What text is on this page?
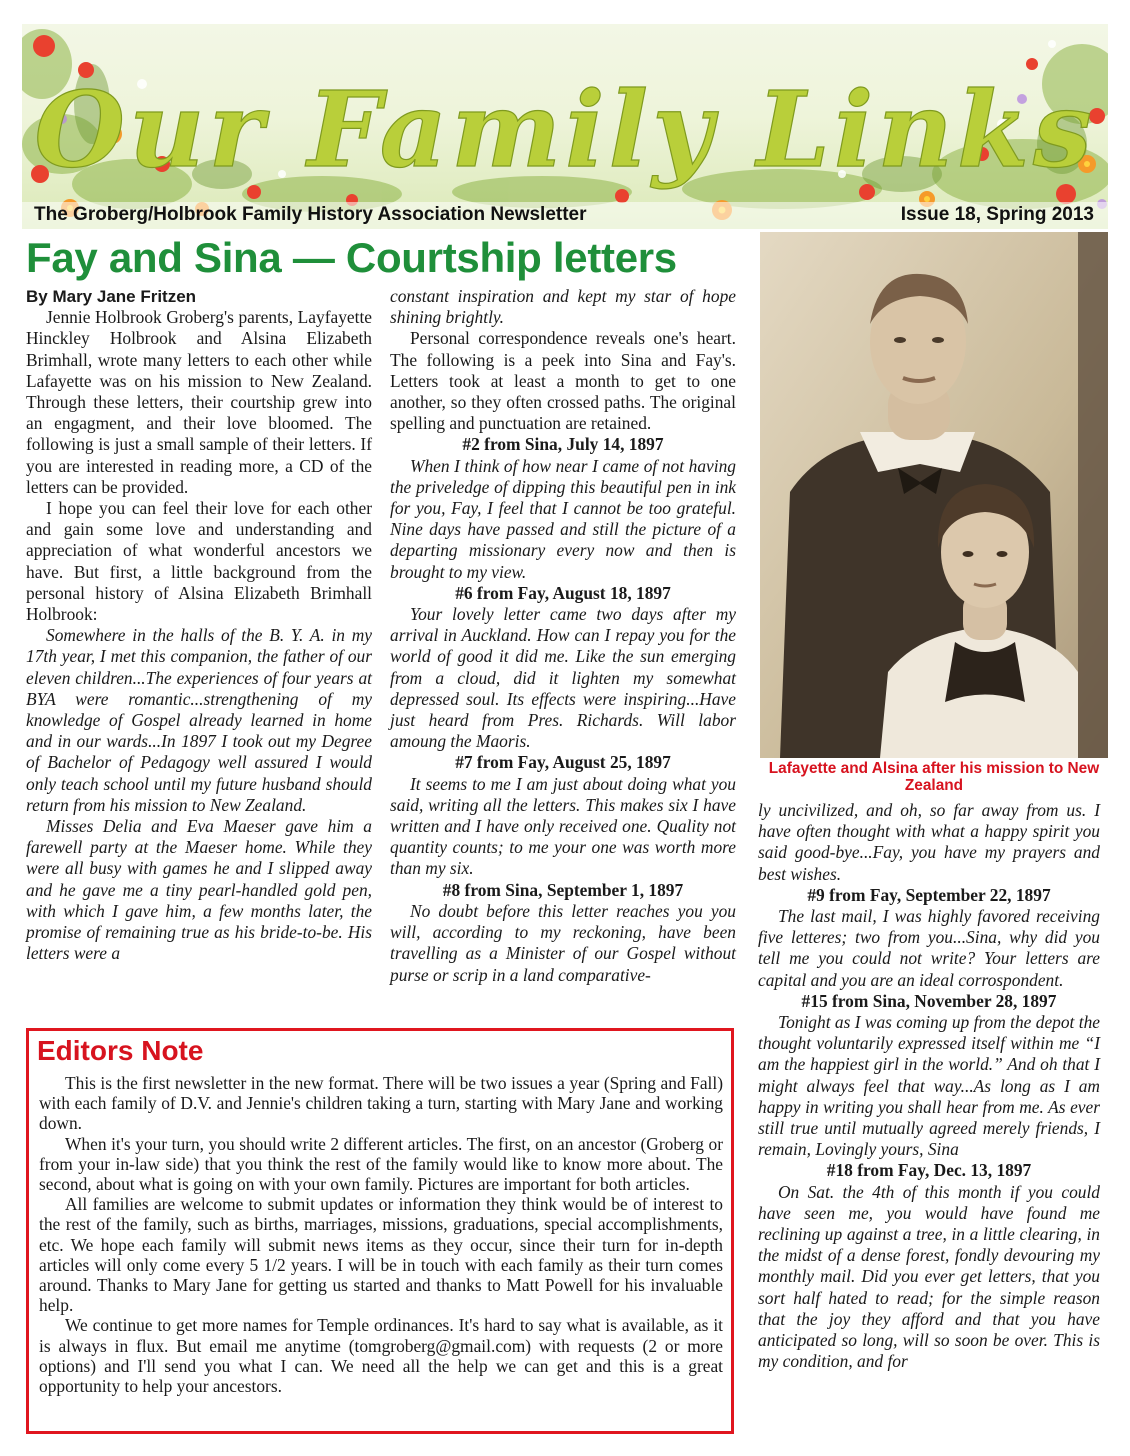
Our Family Links
The Groberg/Holbrook Family History Association Newsletter	Issue 18, Spring 2013
Fay and Sina — Courtship letters

By Mary Jane Fritzen

Jennie Holbrook Groberg's parents, Layfayette Hinckley Holbrook and Alsina Elizabeth Brimhall, wrote many letters to each other while Lafayette was on his mission to New Zealand. Through these letters, their courtship grew into an engagment, and their love bloomed. The following is just a small sample of their letters. If you are interested in reading more, a CD of the letters can be provided.

I hope you can feel their love for each other and gain some love and understanding and appreciation of what wonderful ancestors we have. But first, a little background from the personal history of Alsina Elizabeth Brimhall Holbrook:

Somewhere in the halls of the B. Y. A. in my 17th year, I met this companion, the father of our eleven children...The experiences of four years at BYA were romantic...strengthening of my knowledge of Gospel already learned in home and in our wards...In 1897 I took out my Degree of Bachelor of Pedagogy well assured I would only teach school until my future husband should return from his mission to New Zealand.

Misses Delia and Eva Maeser gave him a farewell party at the Maeser home. While they were all busy with games he and I slipped away and he gave me a tiny pearl-handled gold pen, with which I gave him, a few months later, the promise of remaining true as his bride-to-be. His letters were a

constant inspiration and kept my star of hope shining brightly.

Personal correspondence reveals one's heart. The following is a peek into Sina and Fay's. Letters took at least a month to get to one another, so they often crossed paths. The original spelling and punctuation are retained.

#2 from Sina, July 14, 1897

When I think of how near I came of not having the priveledge of dipping this beautiful pen in ink for you, Fay, I feel that I cannot be too grateful. Nine days have passed and still the picture of a departing missionary every now and then is brought to my view.

#6 from Fay, August 18, 1897

Your lovely letter came two days after my arrival in Auckland. How can I repay you for the world of good it did me. Like the sun emerging from a cloud, did it lighten my somewhat depressed soul. Its effects were inspiring...Have just heard from Pres. Richards. Will labor amoung the Maoris.

#7 from Fay, August 25, 1897

It seems to me I am just about doing what you said, writing all the letters. This makes six I have written and I have only received one. Quality not quantity counts; to me your one was worth more than my six.

#8 from Sina, September 1, 1897

No doubt before this letter reaches you you will, according to my reckoning, have been travelling as a Minister of our Gospel without purse or scrip in a land comparative-

Lafayette and Alsina after his mission to New Zealand

ly uncivilized, and oh, so far away from us. I have often thought with what a happy spirit you said good-bye...Fay, you have my prayers and best wishes.

#9 from Fay, September 22, 1897

The last mail, I was highly favored receiving five letteres; two from you...Sina, why did you tell me you could not write? Your letters are capital and you are an ideal corrospondent.

#15 from Sina, November 28, 1897

Tonight as I was coming up from the depot the thought voluntarily expressed itself within me “I am the happiest girl in the world.” And oh that I might always feel that way...As long as I am happy in writing you shall hear from me. As ever still true until mutually agreed merely friends, I remain, Lovingly yours, Sina

#18 from Fay, Dec. 13, 1897

On Sat. the 4th of this month if you could have seen me, you would have found me reclining up against a tree, in a little clearing, in the midst of a dense forest, fondly devouring my monthly mail. Did you ever get letters, that you sort half hated to read; for the simple reason that the joy they afford and that you have anticipated so long, will so soon be over. This is my condition, and for

Editors Note

This is the first newsletter in the new format. There will be two issues a year (Spring and Fall) with each family of D.V. and Jennie's children taking a turn, starting with Mary Jane and working down.

When it's your turn, you should write 2 different articles. The first, on an ancestor (Groberg or from your in-law side) that you think the rest of the family would like to know more about. The second, about what is going on with your own family. Pictures are important for both articles.

All families are welcome to submit updates or information they think would be of interest to the rest of the family, such as births, marriages, missions, graduations, special accomplishments, etc. We hope each family will submit news items as they occur, since their turn for in-depth articles will only come every 5 1/2 years. I will be in touch with each family as their turn comes around. Thanks to Mary Jane for getting us started and thanks to Matt Powell for his invaluable help.

We continue to get more names for Temple ordinances. It's hard to say what is available, as it is always in flux. But email me anytime (tomgroberg@gmail.com) with requests (2 or more options) and I'll send you what I can. We need all the help we can get and this is a great opportunity to help your ancestors.
